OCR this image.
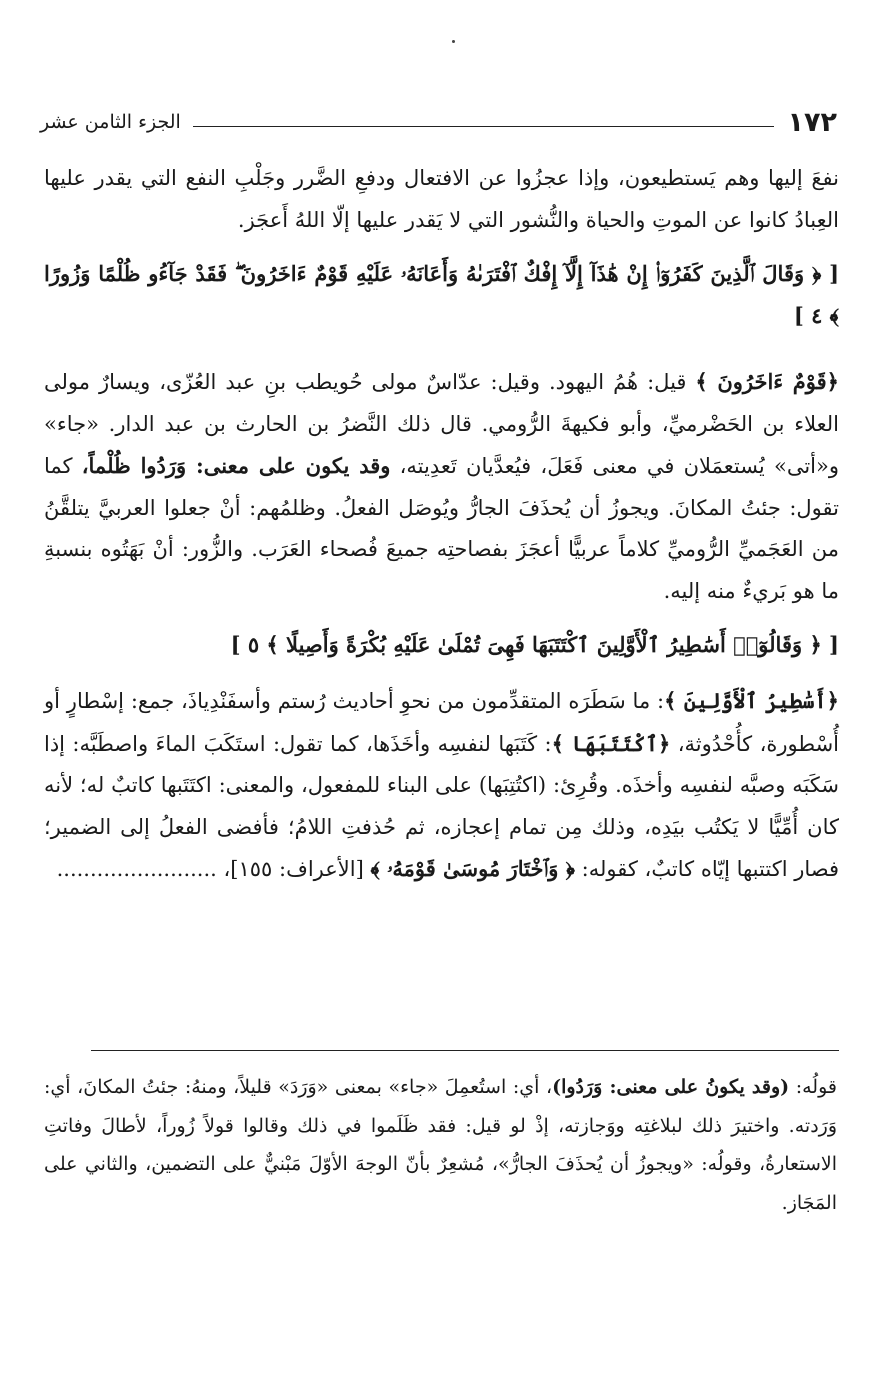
١٧٢
الجزء الثامن عشر

نفعَ إليها وهم يَستطيعون، وإذا عجزُوا عن الافتعال ودفعِ الضَّرر وجَلْبِ النفع التي يقدر عليها العِبادُ كانوا عن الموتِ والحياة والنُّشور التي لا يَقدر عليها إلّا اللهُ أَعجَز.

[ ﴿ وَقَالَ ٱلَّذِينَ كَفَرُوٓا۟ إِنْ هَٰذَآ إِلَّآ إِفْكٌ ٱفْتَرَىٰهُ وَأَعَانَهُۥ عَلَيْهِ قَوْمٌ ءَاخَرُونَ ۖ فَقَدْ جَآءُو ظُلْمًا وَزُورًا ﴾ ٤ ]

﴿قَوْمٌ ءَاخَرُونَ ﴾ قيل: هُمُ اليهود. وقيل: عدّاسٌ مولى حُويطب بنِ عبد العُزّى، ويسارٌ مولى العلاء بن الحَضْرميِّ، وأبو فكيهةَ الرُّومي. قال ذلك النَّضرُ بن الحارث بن عبد الدار. «جاء» و«أتى» يُستعمَلان في معنى فَعَلَ، فيُعدَّيان تَعدِيته، وقد يكون على معنى: وَرَدُوا ظُلْماً، كما تقول: جئتُ المكانَ. ويجوزُ أن يُحذَفَ الجارُّ ويُوصَل الفعلُ. وظلمُهم: أنْ جعلوا العربيَّ يتلقَّنُ من العَجَميِّ الرُّوميِّ كلاماً عربيًّا أعجَزَ بفصاحتِه جميعَ فُصحاء العَرَب. والزُّور: أنْ بَهَتُوه بنسبةِ ما هو بَريءٌ منه إليه.

[ ﴿ وَقَالُوٓا۟ أَسَٰطِيرُ ٱلْأَوَّلِينَ ٱكْتَتَبَهَا فَهِىَ تُمْلَىٰ عَلَيْهِ بُكْرَةً وَأَصِيلًا ﴾ ٥ ]

﴿أَسَٰطِيرُ ٱلْأَوَّلِينَ ﴾: ما سَطَرَه المتقدِّمون من نحوِ أحاديث رُستم وأسفَنْدِياذَ، جمع: إسْطارٍ أو أُسْطورة، كأُحْدُوثة، ﴿ٱكْتَتَبَهَا ﴾: كَتَبَها لنفسِه وأخَذَها، كما تقول: استَكَبَ الماءَ واصطَبَّه: إذا سَكَبَه وصبَّه لنفسِه وأخذَه. وقُرِئ: (اكتُتِبَها) على البناء للمفعول، والمعنى: اكتَتَبها كاتبٌ له؛ لأنه كان أُمِّيًّا لا يَكتُب بيَدِه، وذلك مِن تمام إعجازه، ثم حُذفتِ اللامُ؛ فأفضى الفعلُ إلى الضمير؛ فصار اكتتبها إيّاه كاتبٌ، كقوله: ﴿ وَٱخْتَارَ مُوسَىٰ قَوْمَهُۥ ﴾ [الأعراف: ١٥٥]، ........................

قولُه: (وقد يكونُ على معنى: وَرَدُوا)، أي: استُعمِلَ «جاء» بمعنى «وَرَدَ» قليلاً، ومنهُ: جئتُ المكانَ، أي: وَرَدته. واختيرَ ذلك لبلاغتِه ووَجازته، إذْ لو قيل: فقد ظَلَموا في ذلك وقالوا قولاً زُوراً، لأطالَ وفاتتِ الاستعارةُ، وقولُه: «ويجوزُ أن يُحذَفَ الجارُّ»، مُشعِرٌ بأنّ الوجهَ الأوّلَ مَبْنيٌّ على التضمين، والثاني على المَجَاز.
